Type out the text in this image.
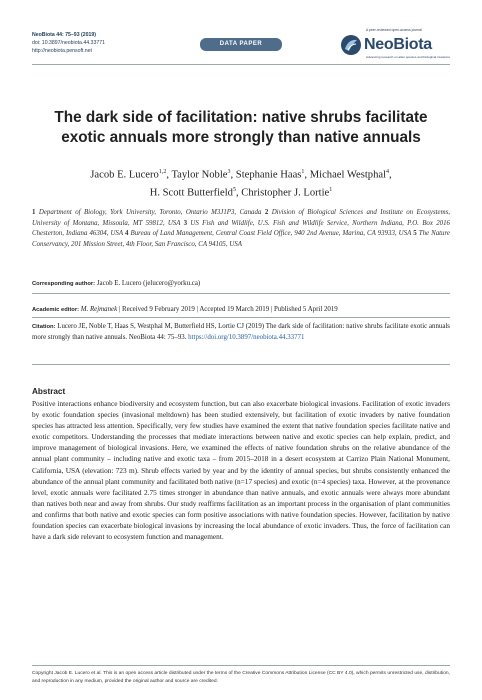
NeoBiota 44: 75–93 (2019)
doi: 10.3897/neobiota.44.33771
http://neobiota.pensoft.net
DATA PAPER
A peer-reviewed open-access journal
NeoBiota
Advancing research on alien species and biological invasions
The dark side of facilitation: native shrubs facilitate
exotic annuals more strongly than native annuals
Jacob E. Lucero$^{1,2}$, Taylor Noble$^3$, Stephanie Haas$^1$, Michael Westphal$^4$,
H. Scott Butterfield$^5$, Christopher J. Lortie$^1$
1 Department of Biology, York University, Toronto, Ontario M3J1P3, Canada 2 Division of Biological Sciences and Institute on Ecosystems, University of Montana, Missoula, MT 59812, USA 3 US Fish and Wildlife, U.S. Fish and Wildlife Service, Northern Indiana, P.O. Box 2016 Chesterton, Indiana 46304, USA 4 Bureau of Land Management, Central Coast Field Office, 940 2nd Avenue, Marina, CA 93933, USA 5 The Nature Conservancy, 201 Mission Street, 4th Floor, San Francisco, CA 94105, USA
Corresponding author: Jacob E. Lucero (jelucero@yorku.ca)
Academic editor: M. Rejmanek | Received 9 February 2019 | Accepted 19 March 2019 | Published 5 April 2019
Citation: Lucero JE, Noble T, Haas S, Westphal M, Butterfield HS, Lortie CJ (2019) The dark side of facilitation: native shrubs facilitate exotic annuals more strongly than native annuals. NeoBiota 44: 75–93. https://doi.org/10.3897/neobiota.44.33771
Abstract
Positive interactions enhance biodiversity and ecosystem function, but can also exacerbate biological invasions. Facilitation of exotic invaders by exotic foundation species (invasional meltdown) has been studied extensively, but facilitation of exotic invaders by native foundation species has attracted less attention. Specifically, very few studies have examined the extent that native foundation species facilitate native and exotic competitors. Understanding the processes that mediate interactions between native and exotic species can help explain, predict, and improve management of biological invasions. Here, we examined the effects of native foundation shrubs on the relative abundance of the annual plant community – including native and exotic taxa – from 2015–2018 in a desert ecosystem at Carrizo Plain National Monument, California, USA (elevation: 723 m). Shrub effects varied by year and by the identity of annual species, but shrubs consistently enhanced the abundance of the annual plant community and facilitated both native (n=17 species) and exotic (n=4 species) taxa. However, at the provenance level, exotic annuals were facilitated 2.75 times stronger in abundance than native annuals, and exotic annuals were always more abundant than natives both near and away from shrubs. Our study reaffirms facilitation as an important process in the organisation of plant communities and confirms that both native and exotic species can form positive associations with native foundation species. However, facilitation by native foundation species can exacerbate biological invasions by increasing the local abundance of exotic invaders. Thus, the force of facilitation can have a dark side relevant to ecosystem function and management.
Copyright Jacob E. Lucero et al. This is an open access article distributed under the terms of the Creative Commons Attribution License (CC BY 4.0), which permits unrestricted use, distribution, and reproduction in any medium, provided the original author and source are credited.
